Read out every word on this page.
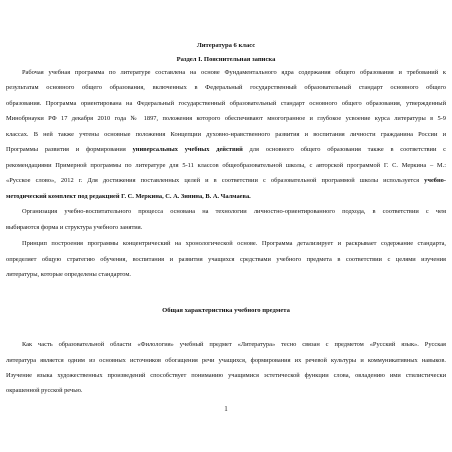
Литература 6 класс
Раздел I. Пояснительная записка
Рабочая учебная программа по литературе составлена на основе Фундаментального ядра содержания общего образования и требований к
результатам основного общего образования, включенных в Федеральный государственный образовательный стандарт основного общего
образования. Программа ориентирована на Федеральный государственный образовательный стандарт основного общего образования, утвержденный
Минобрнауки РФ 17 декабря 2010 года № 1897, положения которого обеспечивают многогранное и глубокое усвоение курса литературы в 5-9
классах. В ней также учтены основные положения Концепции духовно-нравственного развития и воспитания личности гражданина России и
Программы развития и формирования универсальных учебных действий для основного общего образования также в соответствии с
рекомендациями Примерной программы по литературе для 5-11 классов общеобразовательной школы, с авторской программой Г. С. Меркина – М.:
«Русское слово», 2012 г. Для достижения поставленных целей и в соответствии с образовательной программой школы используется учебно-
методический комплект под редакцией Г. С. Меркина, С. А. Зинина, В. А. Чалмаева.
Организация учебно-воспитательного процесса основана на технологии личностно-ориентированного подхода, в соответствии с чем
выбираются форма и структура учебного занятия.
Принцип построения программы концентрический на хронологической основе. Программа детализирует и раскрывает содержание стандарта,
определяет общую стратегию обучения, воспитания и развития учащихся средствами учебного предмета в соответствии с целями изучения
литературы, которые определены стандартом.
Общая характеристика учебного предмета
Как часть образовательной области «Филология» учебный предмет «Литература» тесно связан с предметом «Русский язык». Русская
литература является одним из основных источников обогащения речи учащихся, формирования их речевой культуры и коммуникативных навыков.
Изучение языка художественных произведений способствует пониманию учащимися эстетической функции слова, овладению ими стилистически
окрашенной русской речью.
1
